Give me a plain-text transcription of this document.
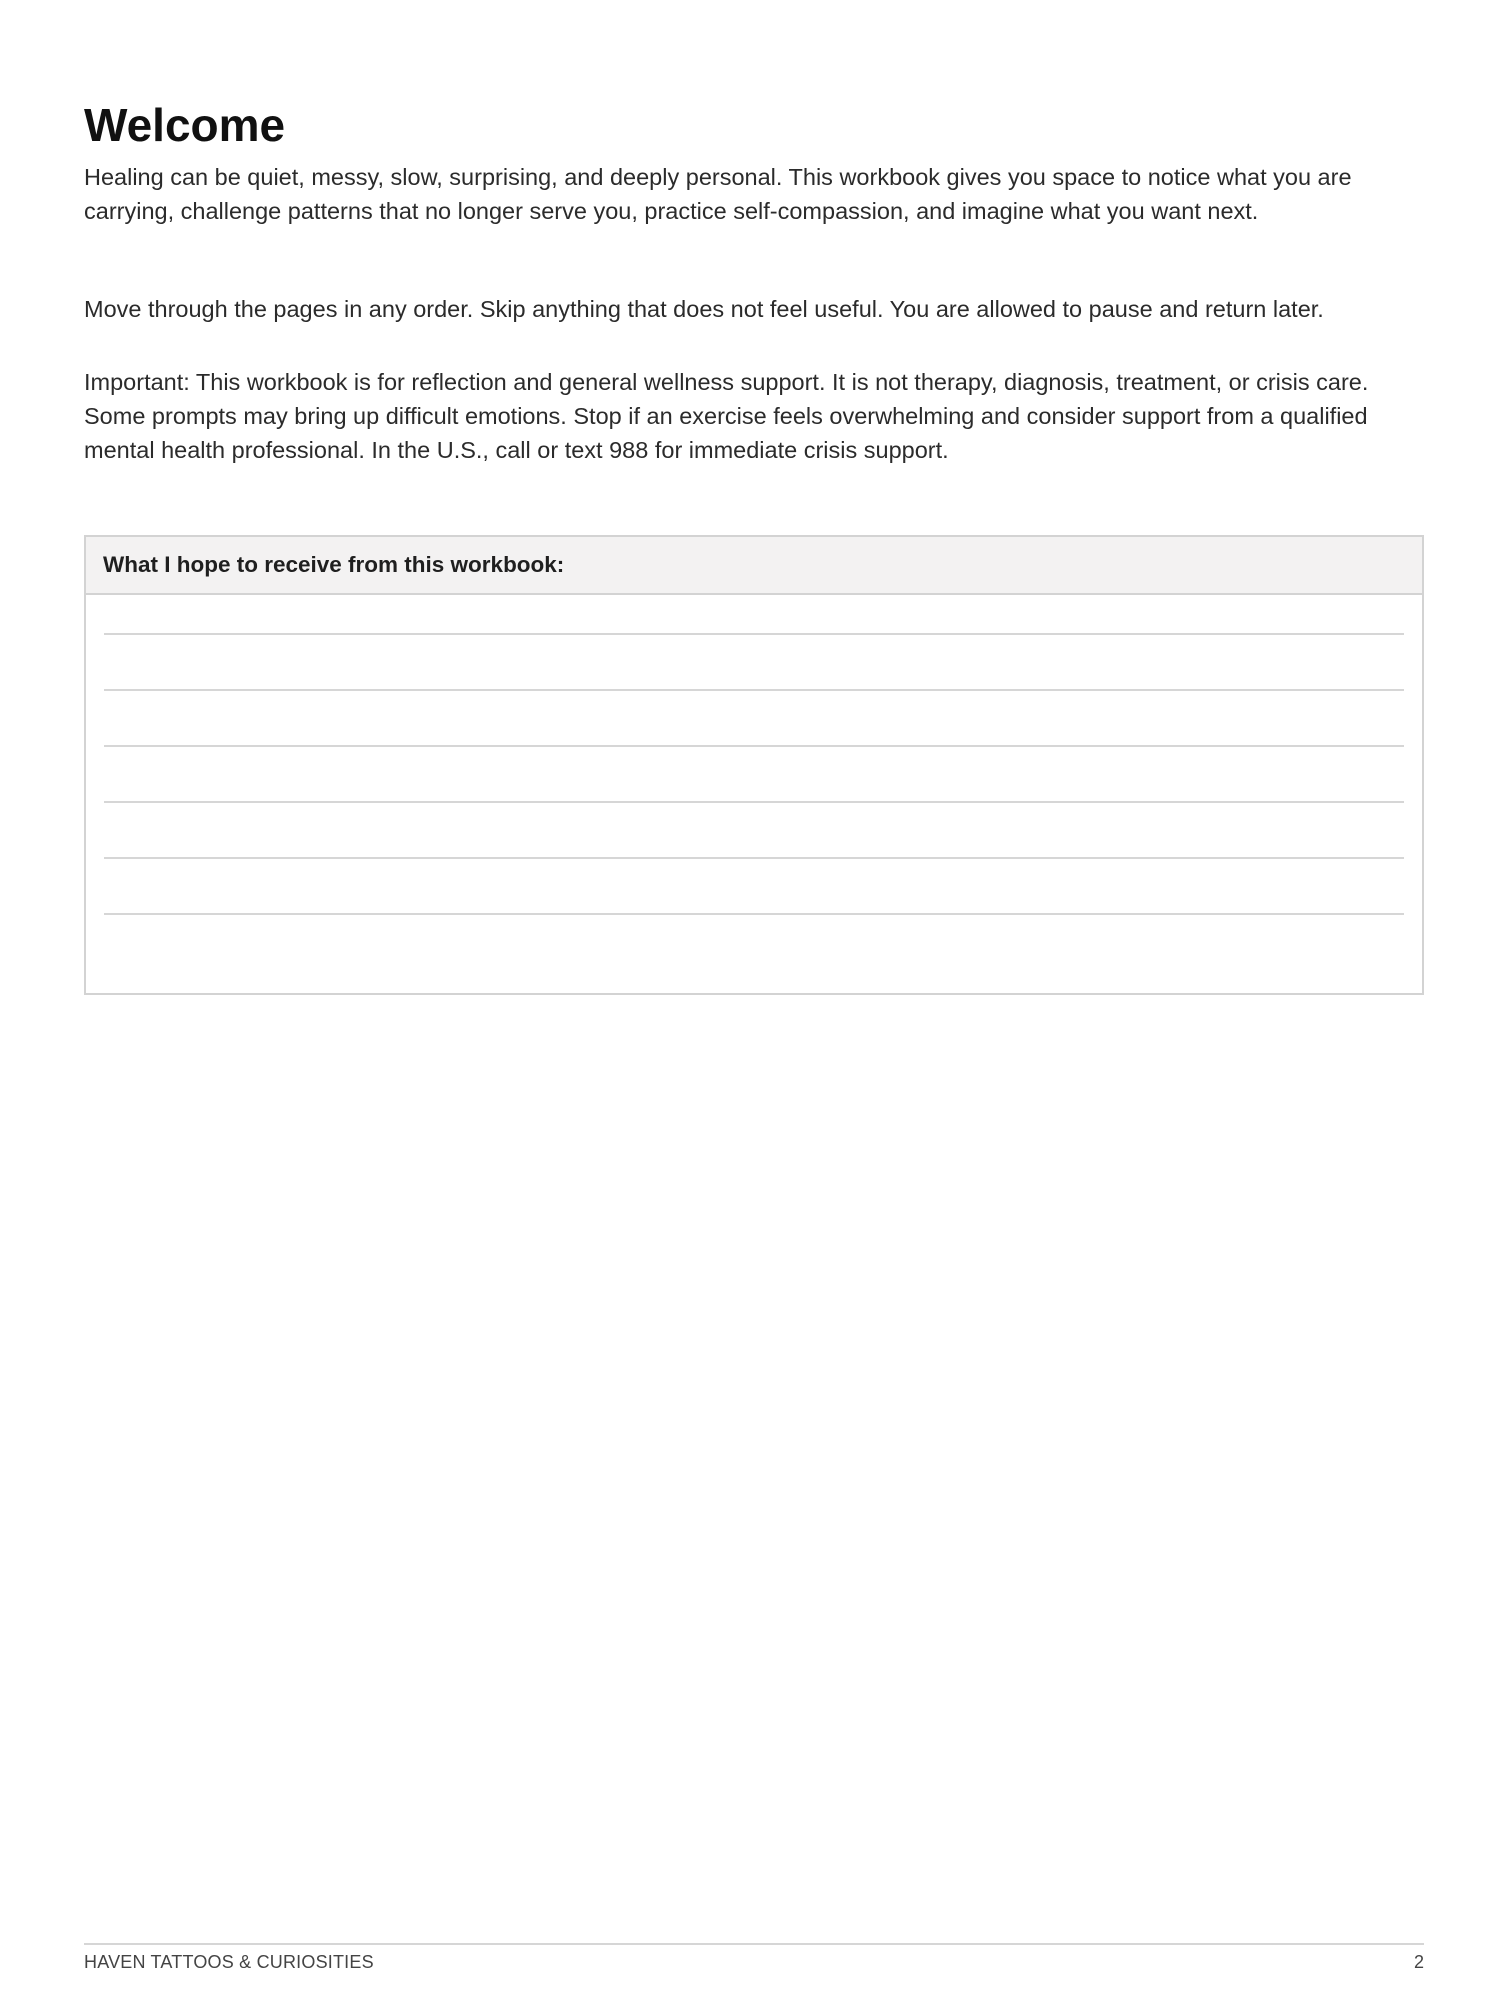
Welcome

Healing can be quiet, messy, slow, surprising, and deeply personal. This workbook gives you space to notice what you are carrying, challenge patterns that no longer serve you, practice self-compassion, and imagine what you want next.

Move through the pages in any order. Skip anything that does not feel useful. You are allowed to pause and return later.

Important: This workbook is for reflection and general wellness support. It is not therapy, diagnosis, treatment, or crisis care. Some prompts may bring up difficult emotions. Stop if an exercise feels overwhelming and consider support from a qualified mental health professional. In the U.S., call or text 988 for immediate crisis support.

What I hope to receive from this workbook:
HAVEN TATTOOS & CURIOSITIES	2
